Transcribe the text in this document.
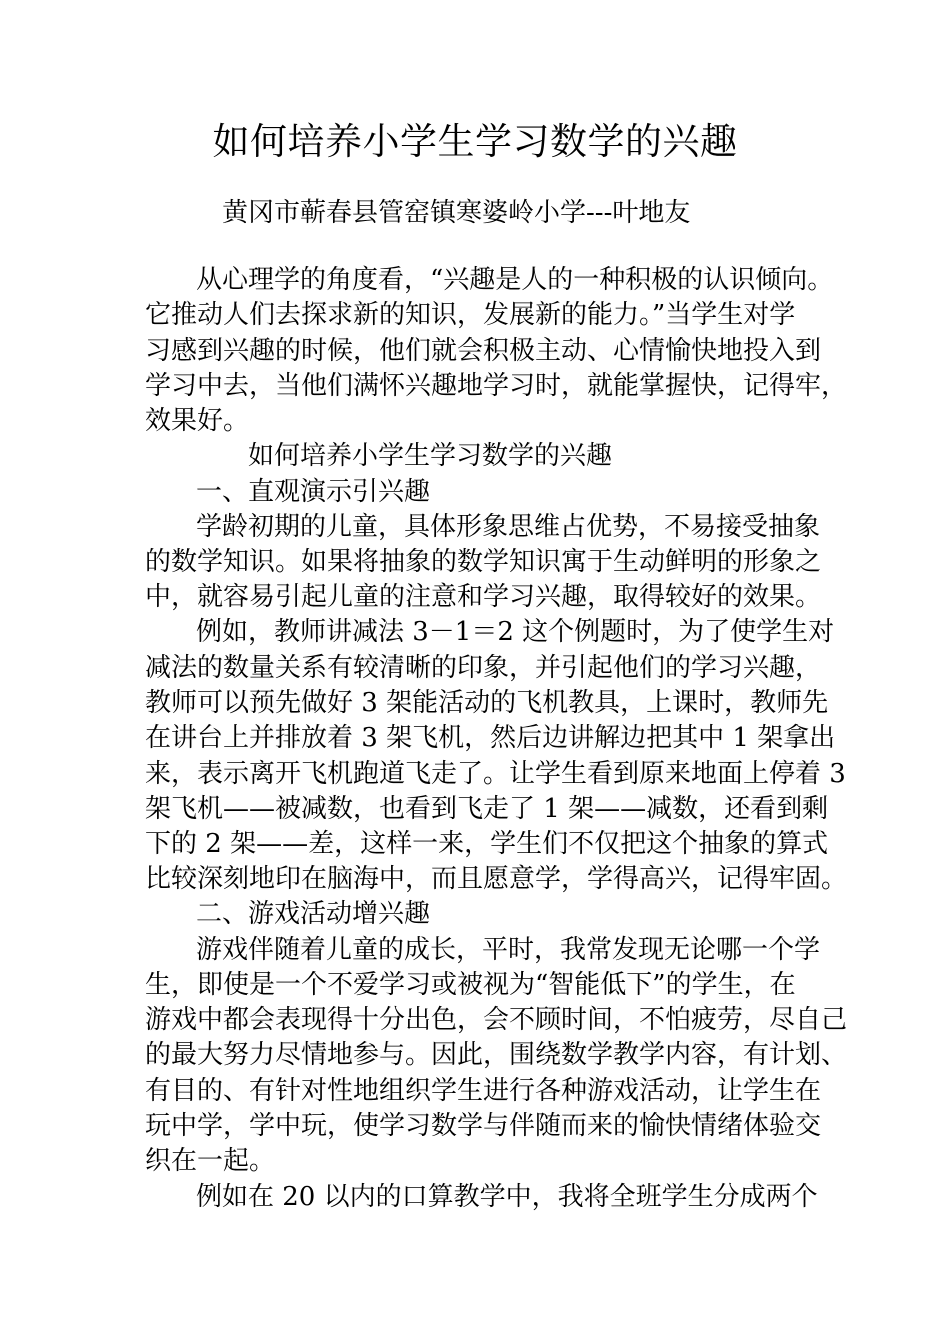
如何培养小学生学习数学的兴趣
黄冈市蕲春县管窑镇寒婆岭小学---叶地友
从心理学的角度看，“兴趣是人的一种积极的认识倾向。
它推动人们去探求新的知识，发展新的能力。”当学生对学
习感到兴趣的时候，他们就会积极主动、心情愉快地投入到
学习中去，当他们满怀兴趣地学习时，就能掌握快，记得牢，
效果好。
如何培养小学生学习数学的兴趣
一、直观演示引兴趣
学龄初期的儿童，具体形象思维占优势，不易接受抽象
的数学知识。如果将抽象的数学知识寓于生动鲜明的形象之
中，就容易引起儿童的注意和学习兴趣，取得较好的效果。
例如，教师讲减法 3－1＝2 这个例题时，为了使学生对
减法的数量关系有较清晰的印象，并引起他们的学习兴趣，
教师可以预先做好 3 架能活动的飞机教具，上课时，教师先
在讲台上并排放着 3 架飞机，然后边讲解边把其中 1 架拿出
来，表示离开飞机跑道飞走了。让学生看到原来地面上停着 3
架飞机——被减数，也看到飞走了 1 架——减数，还看到剩
下的 2 架——差，这样一来，学生们不仅把这个抽象的算式
比较深刻地印在脑海中，而且愿意学，学得高兴，记得牢固。
二、游戏活动增兴趣
游戏伴随着儿童的成长，平时，我常发现无论哪一个学
生，即使是一个不爱学习或被视为“智能低下”的学生，在
游戏中都会表现得十分出色，会不顾时间，不怕疲劳，尽自己
的最大努力尽情地参与。因此，围绕数学教学内容，有计划、
有目的、有针对性地组织学生进行各种游戏活动，让学生在
玩中学，学中玩，使学习数学与伴随而来的愉快情绪体验交
织在一起。
例如在 20 以内的口算教学中，我将全班学生分成两个
